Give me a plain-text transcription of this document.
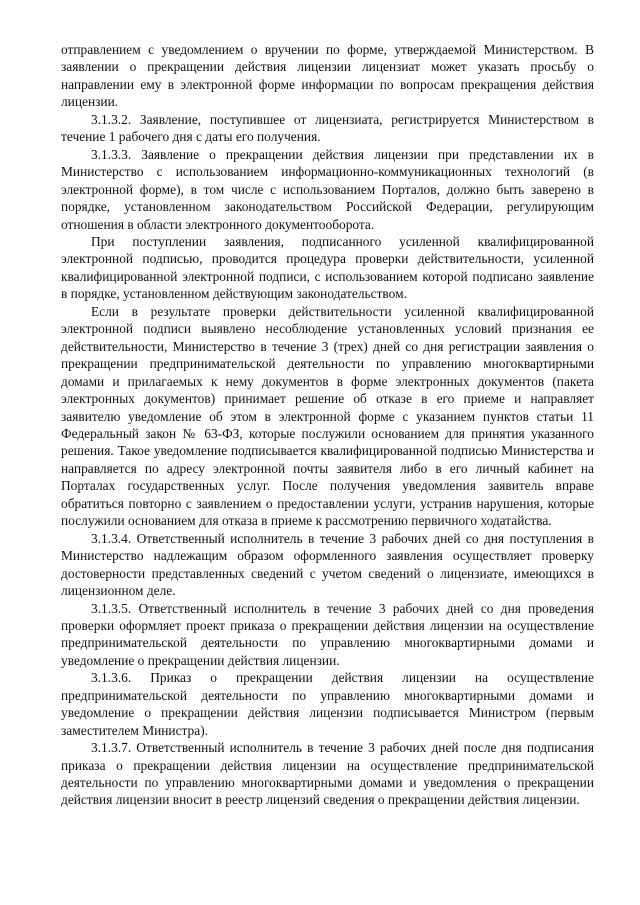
отправлением с уведомлением о вручении по форме, утверждаемой Министерством. В заявлении о прекращении действия лицензии лицензиат может указать просьбу о направлении ему в электронной форме информации по вопросам прекращения действия лицензии.

3.1.3.2. Заявление, поступившее от лицензиата, регистрируется Министерством в течение 1 рабочего дня с даты его получения.

3.1.3.3. Заявление о прекращении действия лицензии при представлении их в Министерство с использованием информационно-коммуникационных технологий (в электронной форме), в том числе с использованием Порталов, должно быть заверено в порядке, установленном законодательством Российской Федерации, регулирующим отношения в области электронного документооборота.

При поступлении заявления, подписанного усиленной квалифицированной электронной подписью, проводится процедура проверки действительности, усиленной квалифицированной электронной подписи, с использованием которой подписано заявление в порядке, установленном действующим законодательством.

Если в результате проверки действительности усиленной квалифицированной электронной подписи выявлено несоблюдение установленных условий признания ее действительности, Министерство в течение 3 (трех) дней со дня регистрации заявления о прекращении предпринимательской деятельности по управлению многоквартирными домами и прилагаемых к нему документов в форме электронных документов (пакета электронных документов) принимает решение об отказе в его приеме и направляет заявителю уведомление об этом в электронной форме с указанием пунктов статьи 11 Федеральный закон № 63-ФЗ, которые послужили основанием для принятия указанного решения. Такое уведомление подписывается квалифицированной подписью Министерства и направляется по адресу электронной почты заявителя либо в его личный кабинет на Порталах государственных услуг. После получения уведомления заявитель вправе обратиться повторно с заявлением о предоставлении услуги, устранив нарушения, которые послужили основанием для отказа в приеме к рассмотрению первичного ходатайства.

3.1.3.4. Ответственный исполнитель в течение 3 рабочих дней со дня поступления в Министерство надлежащим образом оформленного заявления осуществляет проверку достоверности представленных сведений с учетом сведений о лицензиате, имеющихся в лицензионном деле.

3.1.3.5. Ответственный исполнитель в течение 3 рабочих дней со дня проведения проверки оформляет проект приказа о прекращении действия лицензии на осуществление предпринимательской деятельности по управлению многоквартирными домами и уведомление о прекращении действия лицензии.

3.1.3.6. Приказ о прекращении действия лицензии на осуществление предпринимательской деятельности по управлению многоквартирными домами и уведомление о прекращении действия лицензии подписывается Министром (первым заместителем Министра).

3.1.3.7. Ответственный исполнитель в течение 3 рабочих дней после дня подписания приказа о прекращении действия лицензии на осуществление предпринимательской деятельности по управлению многоквартирными домами и уведомления о прекращении действия лицензии вносит в реестр лицензий сведения о прекращении действия лицензии.
